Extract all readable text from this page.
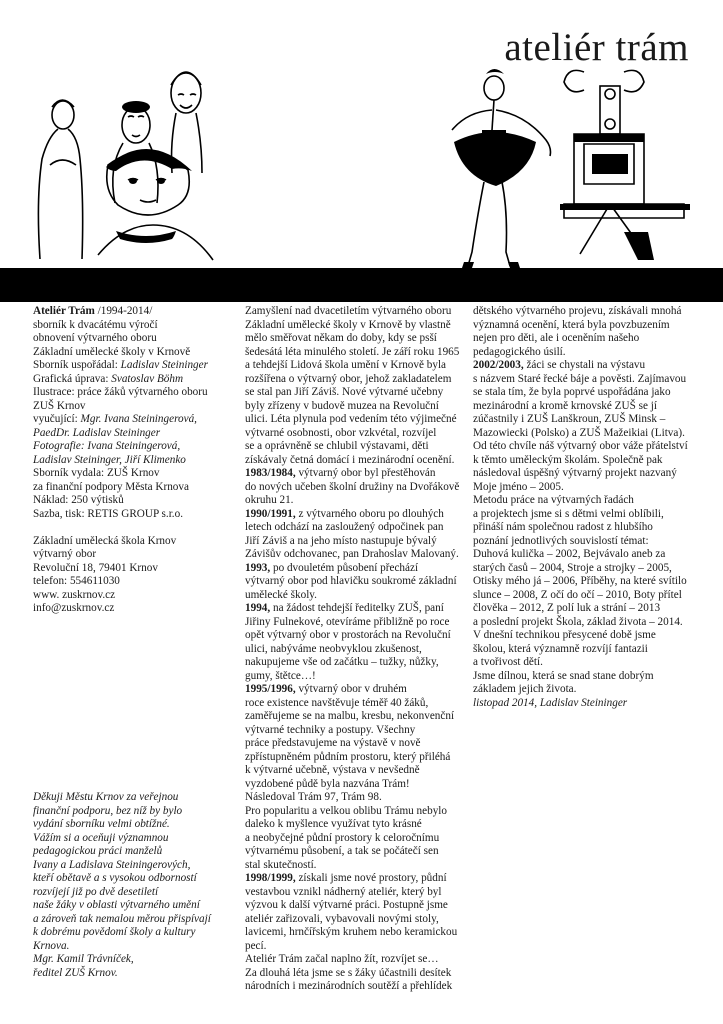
ateliér trám

Ateliér Trám /1994-2014/

sborník k dvacátému výročí

obnovení výtvarného oboru

Základní umělecké školy v Krnově

Sborník uspořádal: Ladislav Steininger

Grafická úprava: Svatoslav Böhm

Ilustrace: práce žáků výtvarného oboru

ZUŠ Krnov

vyučující: Mgr. Ivana Steiningerová,

PaedDr. Ladislav Steininger

Fotografie: Ivana Steiningerová,

Ladislav Steininger, Jiří Klimenko

Sborník vydala: ZUŠ Krnov

za finanční podpory Města Krnova

Náklad: 250 výtisků

Sazba, tisk: RETIS GROUP s.r.o.

Základní umělecká škola Krnov

výtvarný obor

Revoluční 18, 79401 Krnov

telefon: 554611030

www. zuskrnov.cz

info@zuskrnov.cz

Děkuji Městu Krnov za veřejnou

finanční podporu, bez níž by bylo

vydání sborníku velmi obtížné.

Vážím si a oceňuji významnou

pedagogickou práci manželů

Ivany a Ladislava Steiningerových,

kteří obětavě a s vysokou odborností

rozvíjejí již po dvě desetiletí

naše žáky v oblasti výtvarného umění

a zároveň tak nemalou měrou přispívají

k dobrému povědomí školy a kultury

Krnova.

Mgr. Kamil Trávníček,

ředitel ZUŠ Krnov.

Zamyšlení nad dvacetiletím výtvarného oboru

Základní umělecké školy v Krnově by vlastně

mělo směřovat někam do doby, kdy se psší

šedesátá léta minulého století. Je září roku 1965

a tehdejší Lidová škola umění v Krnově byla

rozšířena o výtvarný obor, jehož zakladatelem

se stal pan Jiří Záviš. Nové výtvarné učebny

byly zřízeny v budově muzea na Revoluční

ulici. Léta plynula pod vedením této výjimečné

výtvarné osobnosti, obor vzkvétal, rozvíjel

se a oprávněně se chlubil výstavami, děti

získávaly četná domácí i mezinárodní ocenění.

1983/1984, výtvarný obor byl přestěhován

do nových učeben školní družiny na Dvořákově

okruhu 21.

1990/1991, z výtvarného oboru po dlouhých

letech odchází na zasloužený odpočinek pan

Jiří Záviš a na jeho místo nastupuje bývalý

Závišův odchovanec, pan Drahoslav Malovaný.

1993, po dvouletém působení přechází

výtvarný obor pod hlavičku soukromé základní

umělecké školy.

1994, na žádost tehdejší ředitelky ZUŠ, paní

Jiřiny Fulnekové, otevíráme přibližně po roce

opět výtvarný obor v prostorách na Revoluční

ulici, nabýváme neobvyklou zkušenost,

nakupujeme vše od začátku – tužky, nůžky,

gumy, štětce…!

1995/1996, výtvarný obor v druhém

roce existence navštěvuje téměř 40 žáků,

zaměřujeme se na malbu, kresbu, nekonvenční

výtvarné techniky a postupy. Všechny

práce představujeme na výstavě v nově

zpřístupněném půdním prostoru, který přiléhá

k výtvarné učebně, výstava v nevšedně

vyzdobené půdě byla nazvána Trám!

Následoval Trám 97, Trám 98.

Pro popularitu a velkou oblibu Trámu nebylo

daleko k myšlence využívat tyto krásné

a neobyčejné půdní prostory k celoročnímu

výtvarnému působení, a tak se počátečí sen

stal skutečností.

1998/1999, získali jsme nové prostory, půdní

vestavbou vznikl nádherný ateliér, který byl

výzvou k další výtvarné práci. Postupně jsme

ateliér zařizovali, vybavovali novými stoly,

lavicemi, hrnčířským kruhem nebo keramickou

pecí.

Ateliér Trám začal naplno žít, rozvíjet se…

Za dlouhá léta jsme se s žáky účastnili desítek

národních i mezinárodních soutěží a přehlídek

dětského výtvarného projevu, získávali mnohá

významná ocenění, která byla povzbuzením

nejen pro děti, ale i oceněním našeho

pedagogického úsilí.

2002/2003, žáci se chystali na výstavu

s názvem Staré řecké báje a pověsti. Zajímavou

se stala tím, že byla poprvé uspořádána jako

mezinárodní a kromě krnovské ZUŠ se jí

zúčastnily i ZUŠ Lanškroun, ZUŠ Minsk –

Mazowiecki (Polsko) a ZUŠ Mažeikiai (Litva).

Od této chvíle náš výtvarný obor váže přátelství

k těmto uměleckým školám. Společně pak

následoval úspěšný výtvarný projekt nazvaný

Moje jméno – 2005.

Metodu práce na výtvarných řadách

a projektech jsme si s dětmi velmi oblíbili,

přináší nám společnou radost z hlubšího

poznání jednotlivých souvislostí témat:

Duhová kulička – 2002, Bejvávalo aneb za

starých časů – 2004, Stroje a strojky – 2005,

Otisky mého já – 2006, Příběhy, na které svítilo

slunce – 2008, Z očí do očí – 2010, Boty přítel

člověka – 2012, Z polí luk a strání – 2013

a poslední projekt Škola, základ života – 2014.

V dnešní technikou přesycené době jsme

školou, která významně rozvíjí fantazii

a tvořivost dětí.

Jsme dílnou, která se snad stane dobrým

základem jejich života.

listopad 2014, Ladislav Steininger
